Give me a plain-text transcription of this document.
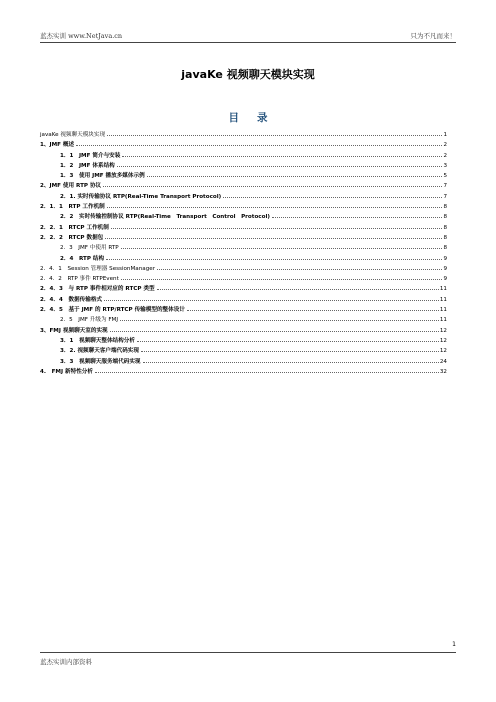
蓝杰实训 www.NetJava.cn	只为不凡而来！
javaKe 视频聊天模块实现
目 录
javaKe 视频聊天模块实现	1
1、JMF 概述	2
1．1　JMF 简介与安装	2
1．2　JMF 体系结构	3
1．3　使用 JMF 播放多媒体示例	5
2、JMF 使用 RTP 协议	7
2．1. 实时传输协议 RTP(Real-Time Transport Protocol)	7
2．1．1　RTP 工作机制	8
2．2　实时传输控制协议 RTP(Real-Time　Transport　Control　Protocol)	8
2．2．1　RTCP 工作机制	8
2．2．2　RTCP 数据包	8
2．3　JMF 中使用 RTP	8
2．4　RTP 结构	9
2．4．1　Session 管理器 SessionManager	9
2．4．2　RTP 事件 RTPEvent	9
2．4．3　与 RTP 事件相对应的 RTCP 类型	11
2．4．4　数据传输格式	11
2．4．5　基于 JMF 的 RTP/RTCP 传输模型的整体设计	11
2．5　JMF 升级为 FMJ	11
3、FMJ 视频聊天室的实现	12
3．1　视频聊天整体结构分析	12
3．2. 视频聊天客户端代码实现	12
3．3　视频聊天服务端代码实现	24
4.　FMJ 新特性分析	32
1
蓝杰实训内部资料
